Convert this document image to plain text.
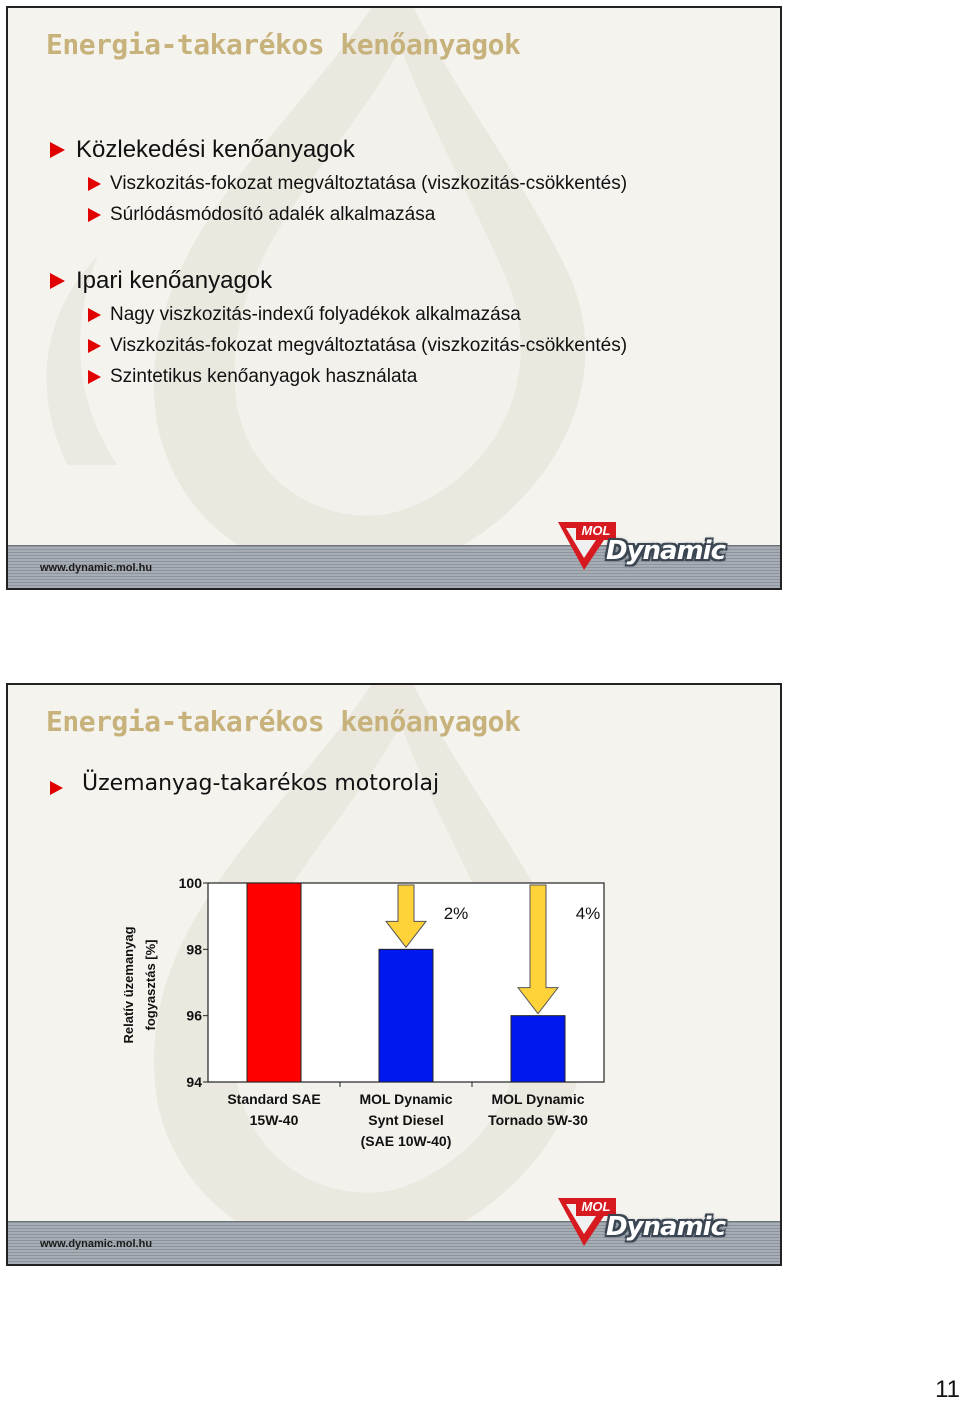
Energia-takarékos kenőanyagok
Közlekedési kenőanyagok
Viszkozitás-fokozat megváltoztatása (viszkozitás-csökkentés)
Súrlódásmódosító adalék alkalmazása
Ipari kenőanyagok
Nagy viszkozitás-indexű folyadékok alkalmazása
Viszkozitás-fokozat megváltoztatása (viszkozitás-csökkentés)
Szintetikus kenőanyagok használata
www.dynamic.mol.hu
MOL
Dynamic
Energia-takarékos kenőanyagok
Üzemanyag-takarékos motorolaj
94
96
98
100
Relatív üzemanyag fogyasztás [%]
Standard SAE
15W-40
MOL Dynamic
Synt Diesel
(SAE 10W-40)
2%
MOL Dynamic
Tornado 5W-30
4%
www.dynamic.mol.hu
MOL
Dynamic
11
